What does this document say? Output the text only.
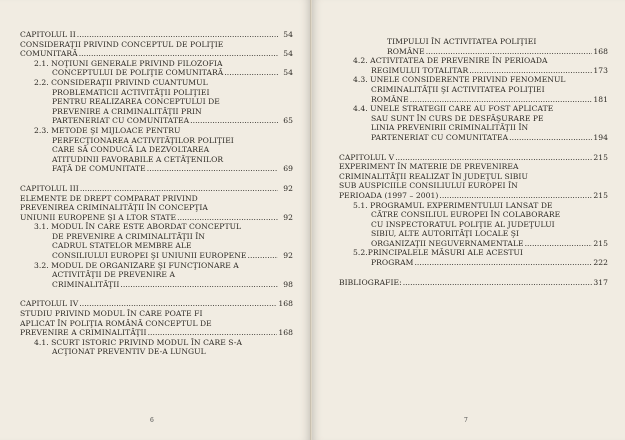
CAPITOLUL II .....	54
CONSIDERAŢII PRIVIND CONCEPTUL DE POLIŢIE
COMUNITARĂ .....	54
2.1. NOŢIUNI GENERALE PRIVIND FILOZOFIA
CONCEPTULUI DE POLIŢIE COMUNITARĂ .....	54
2.2. CONSIDERAŢII PRIVIND CUANTUMUL
PROBLEMATICII ACTIVITĂŢII POLIŢIEI
PENTRU REALIZAREA CONCEPTULUI DE
PREVENIRE A CRIMINALITĂŢII PRIN
PARTENERIAT CU COMUNITATEA .....	65
2.3. METODE ŞI MIJLOACE PENTRU
PERFECŢIONAREA ACTIVITĂŢILOR POLIŢIEI
CARE SĂ CONDUCĂ LA DEZVOLTAREA
ATITUDINII FAVORABILE A CETĂŢENILOR
FAŢĂ DE COMUNITATE .....	69
CAPITOLUL III .....	92
ELEMENTE DE DREPT COMPARAT PRIVIND
PREVENIREA CRIMINALITĂŢII ÎN CONCEPŢIA
UNIUNII EUROPENE ŞI A LTOR STATE .....	92
3.1. MODUL ÎN CARE ESTE ABORDAT CONCEPTUL
DE PREVENIRE A CRIMINALITĂŢII ÎN
CADRUL STATELOR MEMBRE ALE
CONSILIULUI EUROPEI ŞI UNIUNII EUROPENE .....	92
3.2. MODUL DE ORGANIZARE ŞI FUNCŢIONARE A
ACTIVITĂŢII DE PREVENIRE A
CRIMINALITĂŢII .....	98
CAPITOLUL IV .....	168
STUDIU PRIVIND MODUL ÎN CARE POATE FI
APLICAT ÎN POLIŢIA ROMÂNĂ CONCEPTUL DE
PREVENIRE A CRIMINALITĂŢII .....	168
4.1. SCURT ISTORIC PRIVIND MODUL ÎN CARE S-A
ACŢIONAT PREVENTIV DE-A LUNGUL
6
TIMPULUI ÎN ACTIVITATEA POLIŢIEI
ROMÂNE .....	168
4.2. ACTIVITATEA DE PREVENIRE ÎN PERIOADA
REGIMULUI TOTALITAR .....	173
4.3. UNELE CONSIDERENTE PRIVIND FENOMENUL
CRIMINALITĂŢII ŞI ACTIVITATEA POLIŢIEI
ROMÂNE .....	181
4.4. UNELE STRATEGII CARE AU FOST APLICATE
SAU SUNT ÎN CURS DE DESFĂŞURARE PE
LINIA PREVENIRII CRIMINALITĂŢII ÎN
PARTENERIAT CU COMUNITATEA .....	194
CAPITOLUL V .....	215
EXPERIMENT ÎN MATERIE DE PREVENIREA
CRIMINALITĂŢII REALIZAT ÎN JUDEŢUL SIBIU
SUB AUSPICIILE CONSILIULUI EUROPEI ÎN
PERIOADA (1997 – 2001) .....	215
5.1. PROGRAMUL EXPERIMENTULUI LANSAT DE
CĂTRE CONSILIUL EUROPEI ÎN COLABORARE
CU INSPECTORATUL POLIŢIE AL JUDEŢULUI
SIBIU, ALTE AUTORITĂŢI LOCALE ŞI
ORGANIZAŢII NEGUVERNAMENTALE .....	215
5.2.PRINCIPALELE MĂSURI ALE ACESTUI
PROGRAM .....	222
BIBLIOGRAFIE: .....	317
7
